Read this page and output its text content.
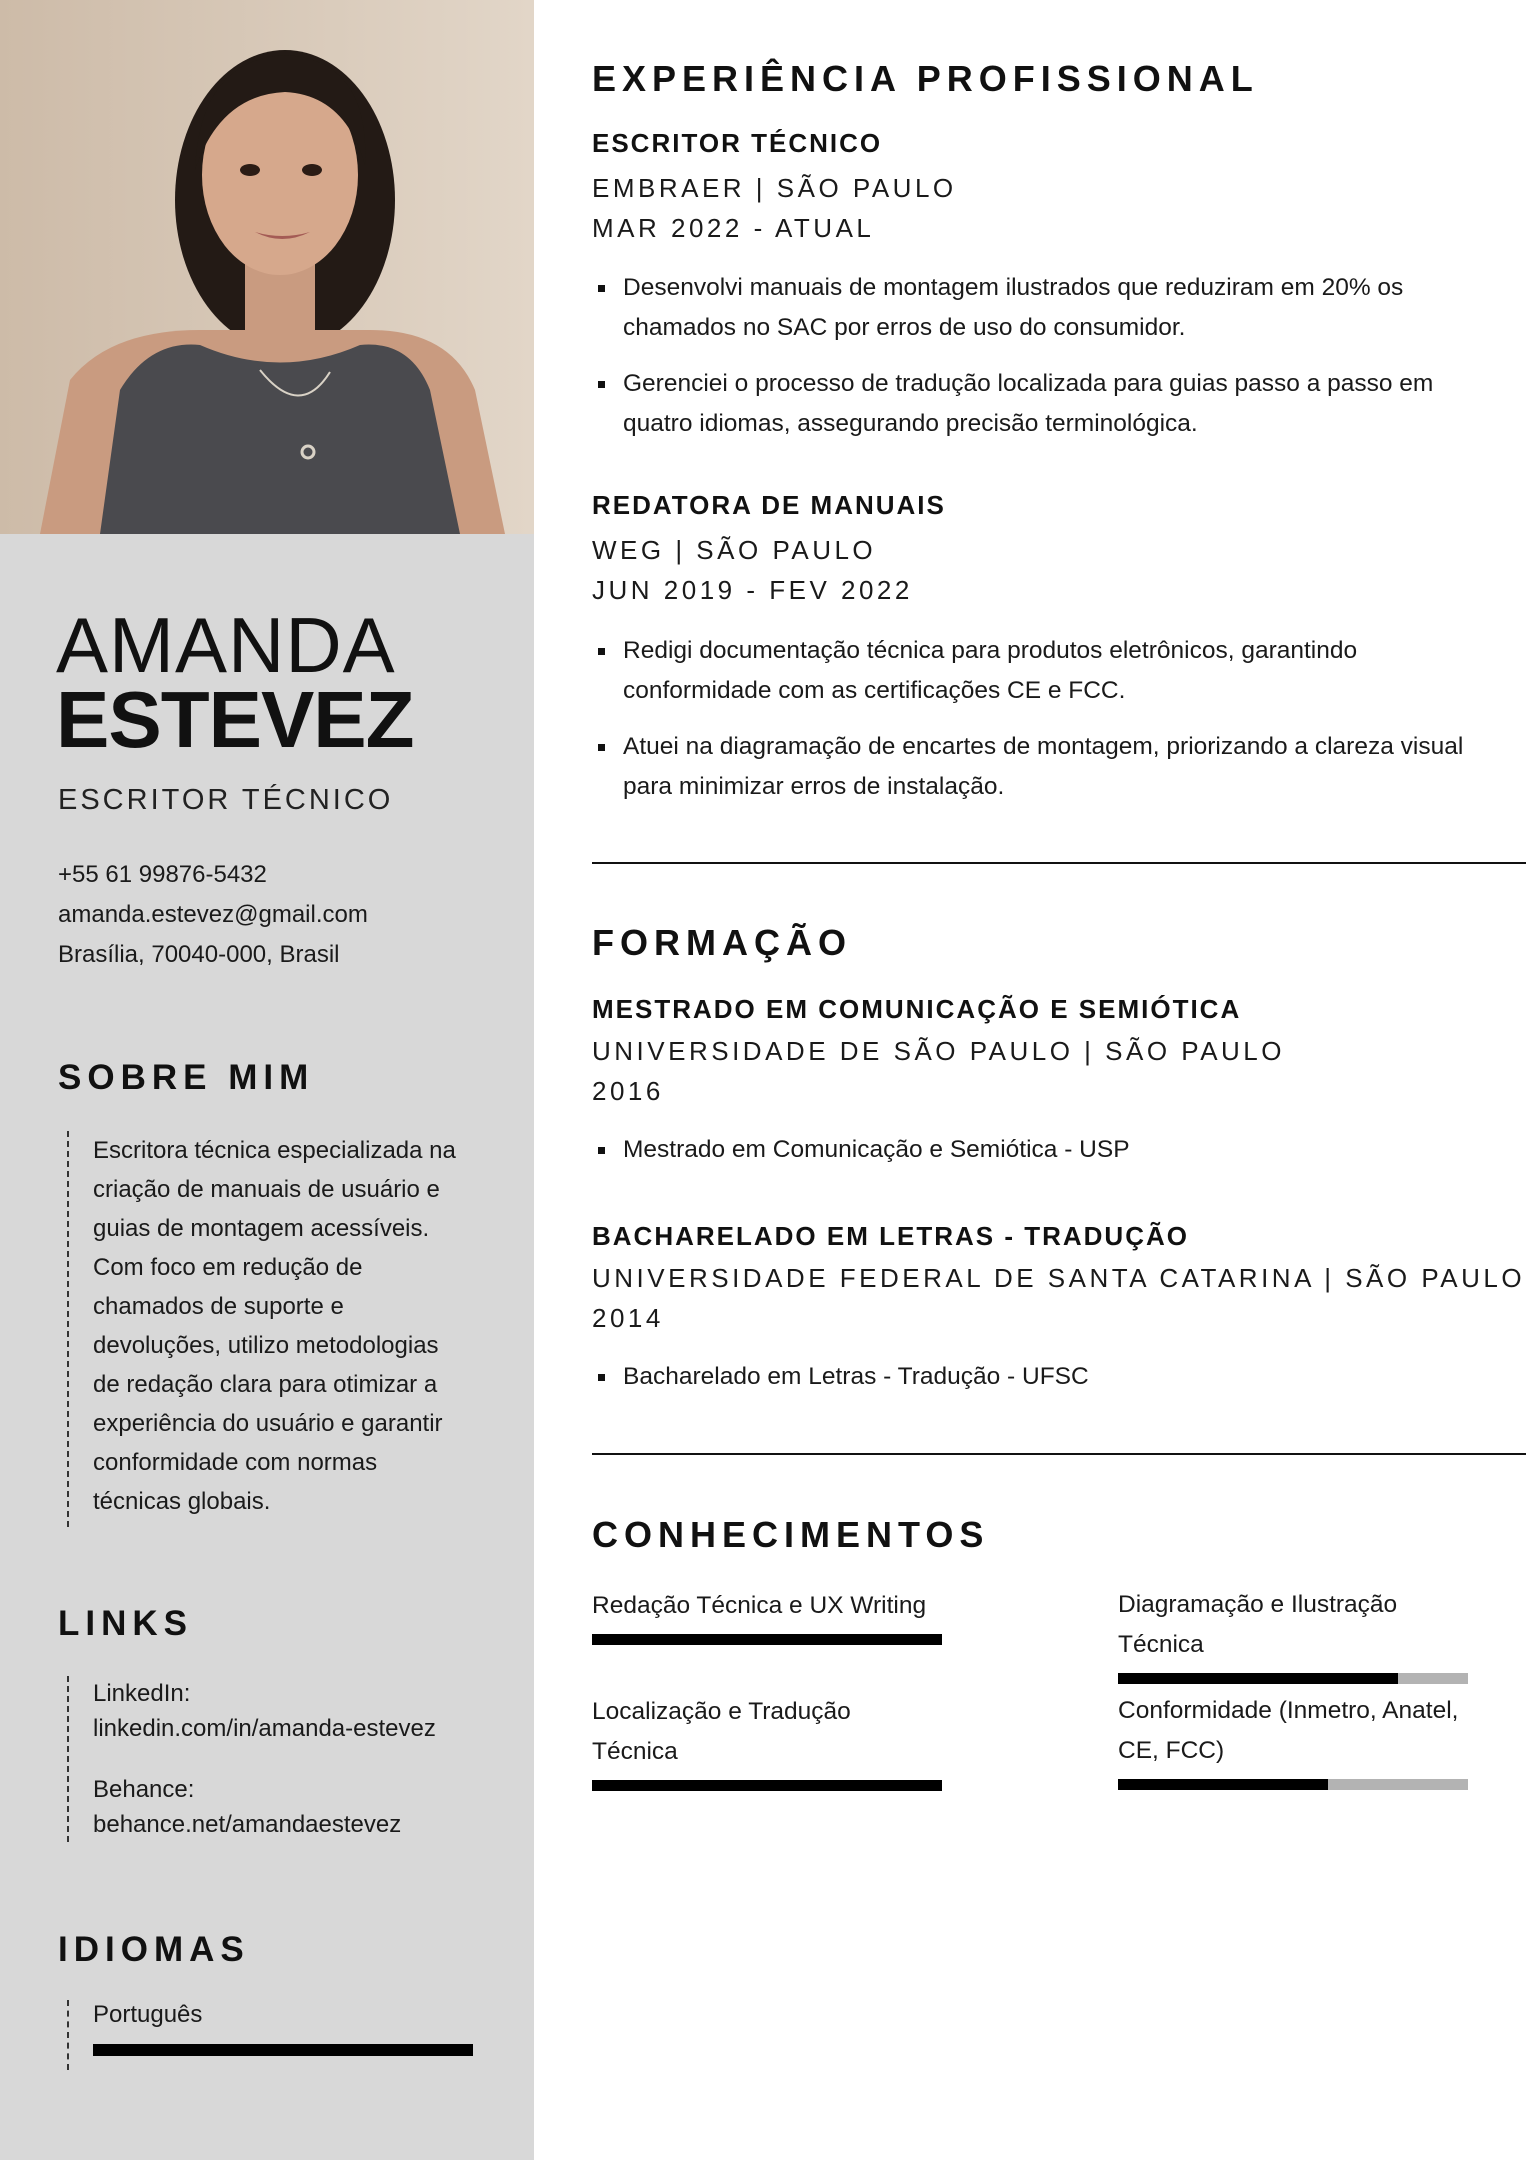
AMANDA
ESTEVEZ
ESCRITOR TÉCNICO
+55 61 99876-5432
amanda.estevez@gmail.com
Brasília, 70040-000, Brasil
SOBRE MIM
Escritora técnica especializada na criação de manuais de usuário e guias de montagem acessíveis. Com foco em redução de chamados de suporte e devoluções, utilizo metodologias de redação clara para otimizar a experiência do usuário e garantir conformidade com normas técnicas globais.
LINKS
LinkedIn:
linkedin.com/in/amanda-estevez
Behance:
behance.net/amandaestevez
IDIOMAS
Português
EXPERIÊNCIA PROFISSIONAL
ESCRITOR TÉCNICO
EMBRAER | SÃO PAULO
MAR 2022 - ATUAL
Desenvolvi manuais de montagem ilustrados que reduziram em 20% os chamados no SAC por erros de uso do consumidor.
Gerenciei o processo de tradução localizada para guias passo a passo em quatro idiomas, assegurando precisão terminológica.
REDATORA DE MANUAIS
WEG | SÃO PAULO
JUN 2019 - FEV 2022
Redigi documentação técnica para produtos eletrônicos, garantindo conformidade com as certificações CE e FCC.
Atuei na diagramação de encartes de montagem, priorizando a clareza visual para minimizar erros de instalação.
FORMAÇÃO
MESTRADO EM COMUNICAÇÃO E SEMIÓTICA
UNIVERSIDADE DE SÃO PAULO | SÃO PAULO
2016
Mestrado em Comunicação e Semiótica - USP
BACHARELADO EM LETRAS - TRADUÇÃO
UNIVERSIDADE FEDERAL DE SANTA CATARINA | SÃO PAULO
2014
Bacharelado em Letras - Tradução - UFSC
CONHECIMENTOS
Redação Técnica e UX Writing	Diagramação e Ilustração Técnica
Localização e Tradução Técnica
Conformidade (Inmetro, Anatel, CE, FCC)
